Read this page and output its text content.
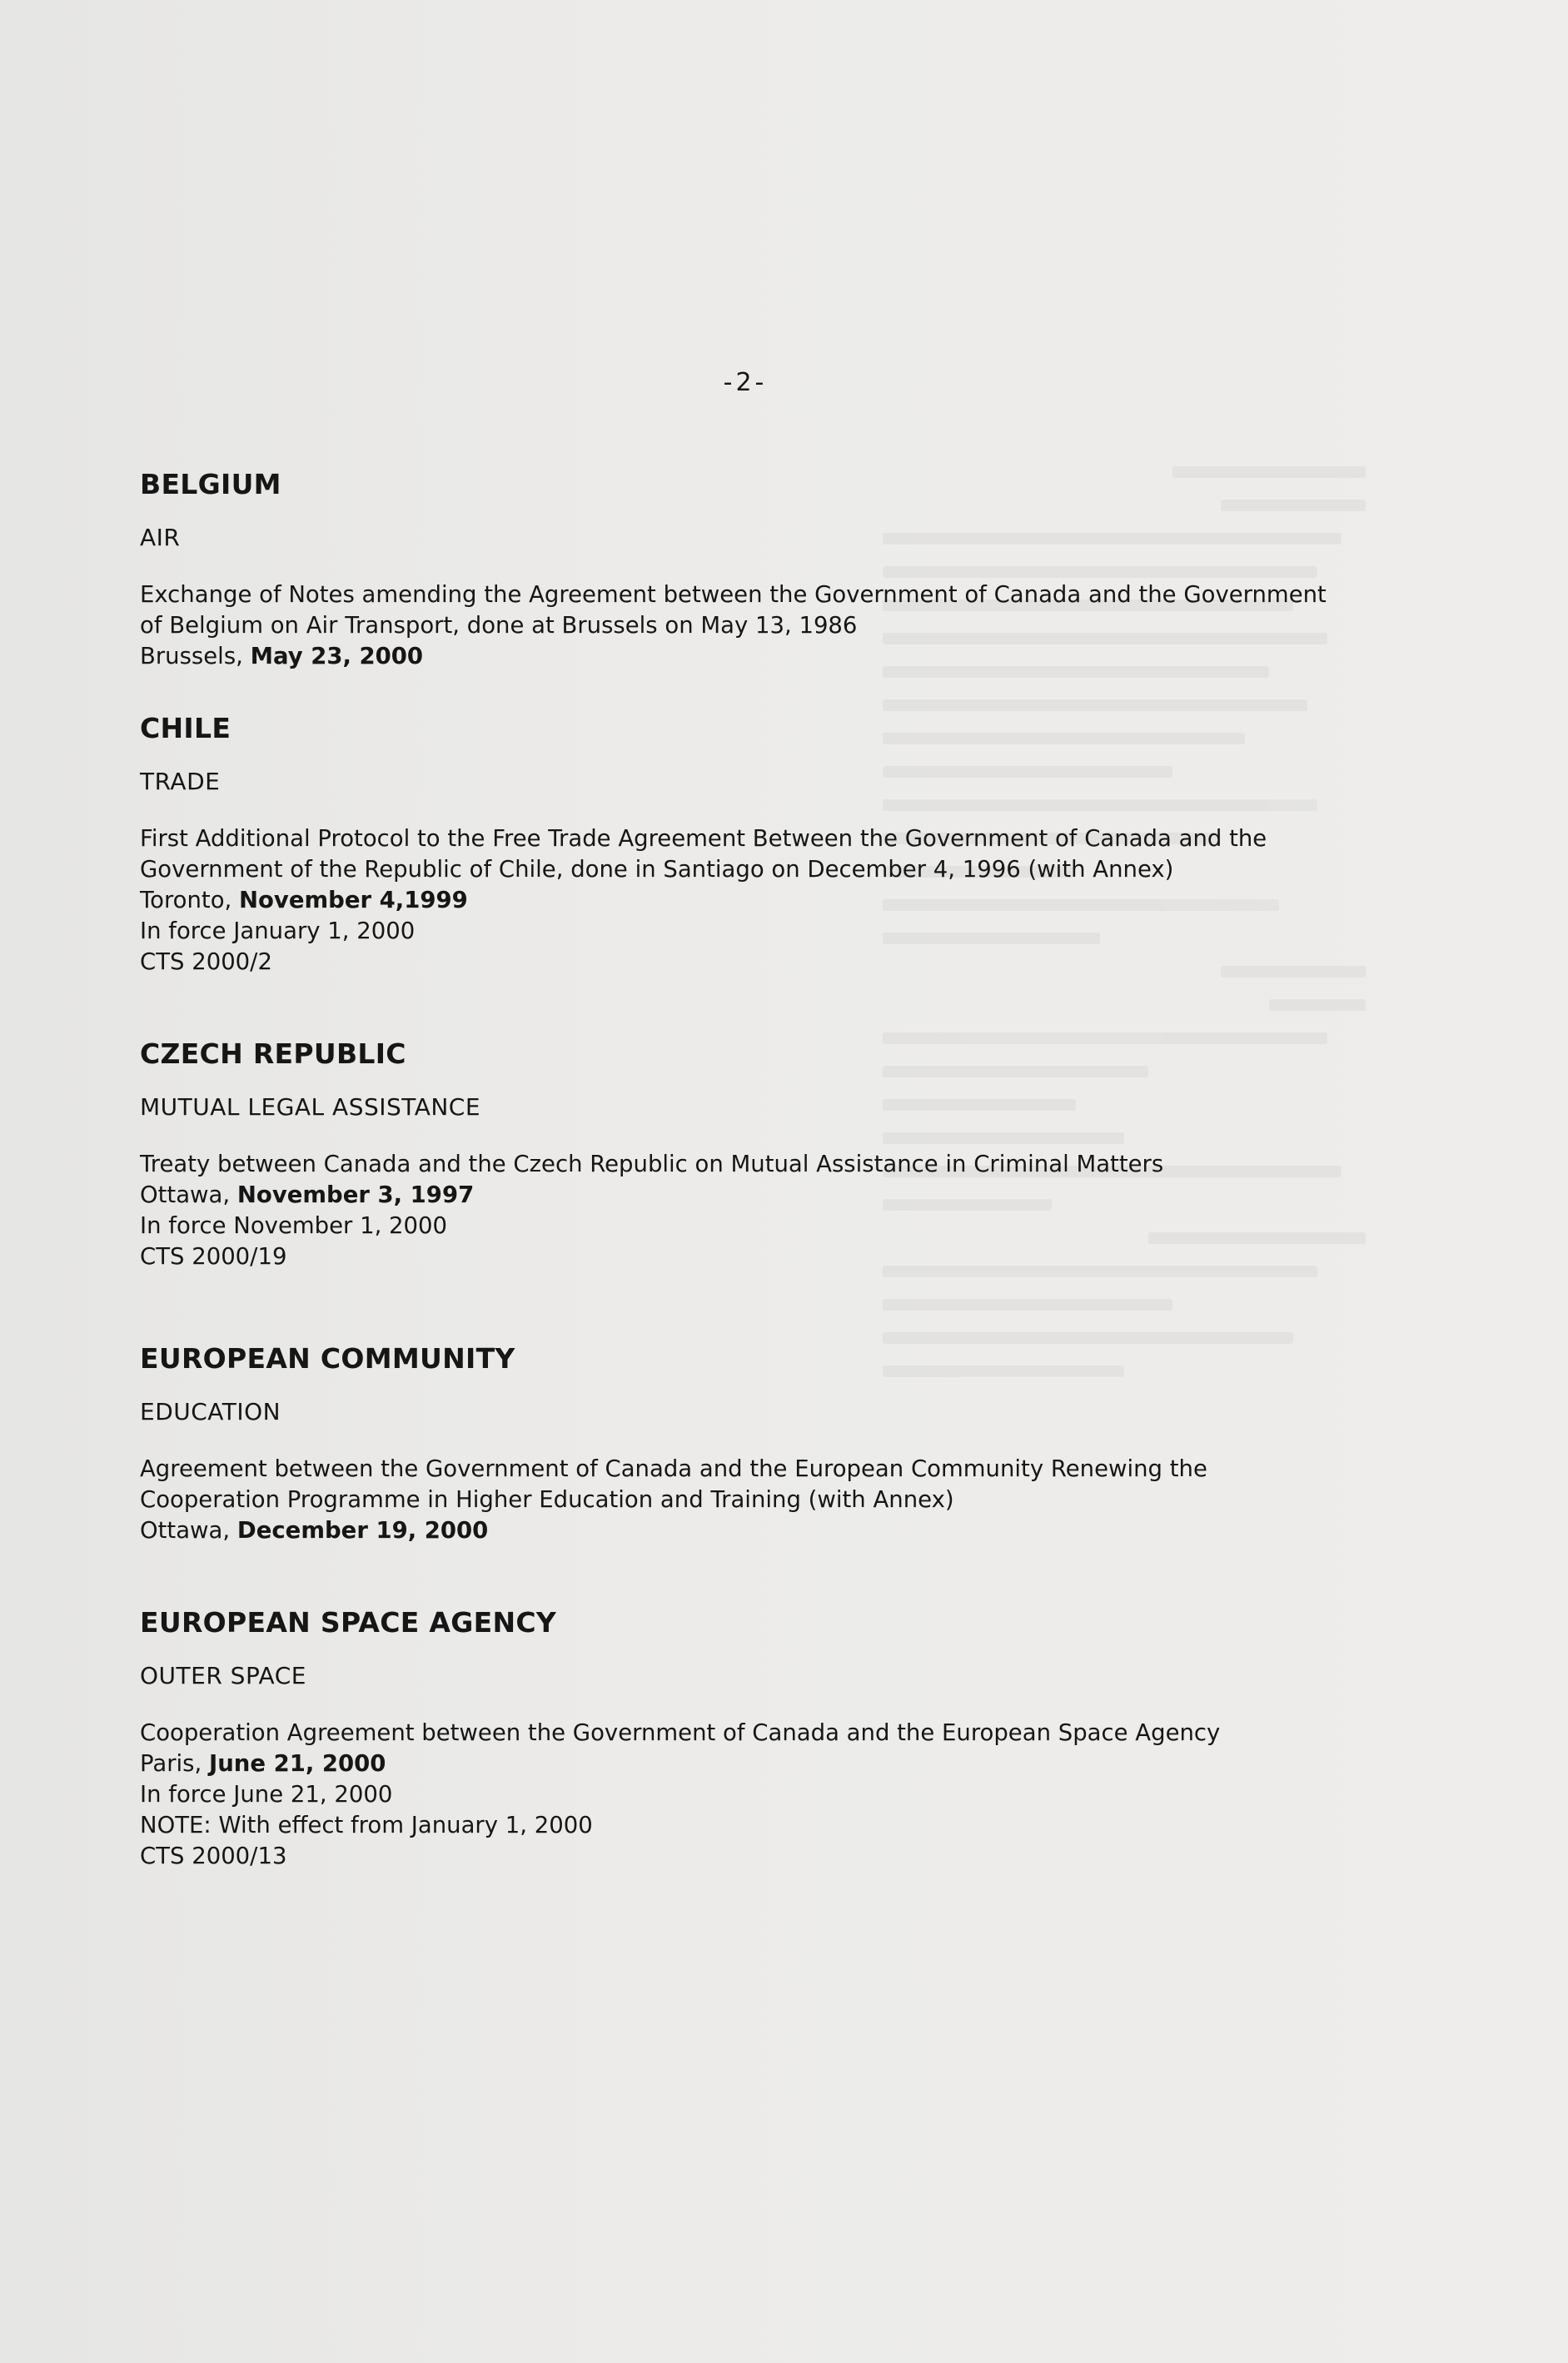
-2-
BELGIUM
AIR

Exchange of Notes amending the Agreement between the Government of Canada and the Government

of Belgium on Air Transport, done at Brussels on May 13, 1986

Brussels, May 23, 2000

CHILE
TRADE

First Additional Protocol to the Free Trade Agreement Between the Government of Canada and the

Government of the Republic of Chile, done in Santiago on December 4, 1996 (with Annex)

Toronto, November 4,1999

In force January 1, 2000

CTS 2000/2

CZECH REPUBLIC
MUTUAL LEGAL ASSISTANCE

Treaty between Canada and the Czech Republic on Mutual Assistance in Criminal Matters

Ottawa, November 3, 1997

In force November 1, 2000

CTS 2000/19

EUROPEAN COMMUNITY
EDUCATION

Agreement between the Government of Canada and the European Community Renewing the

Cooperation Programme in Higher Education and Training (with Annex)

Ottawa, December 19, 2000

EUROPEAN SPACE AGENCY
OUTER SPACE

Cooperation Agreement between the Government of Canada and the European Space Agency

Paris, June 21, 2000

In force June 21, 2000

NOTE: With effect from January 1, 2000

CTS 2000/13
